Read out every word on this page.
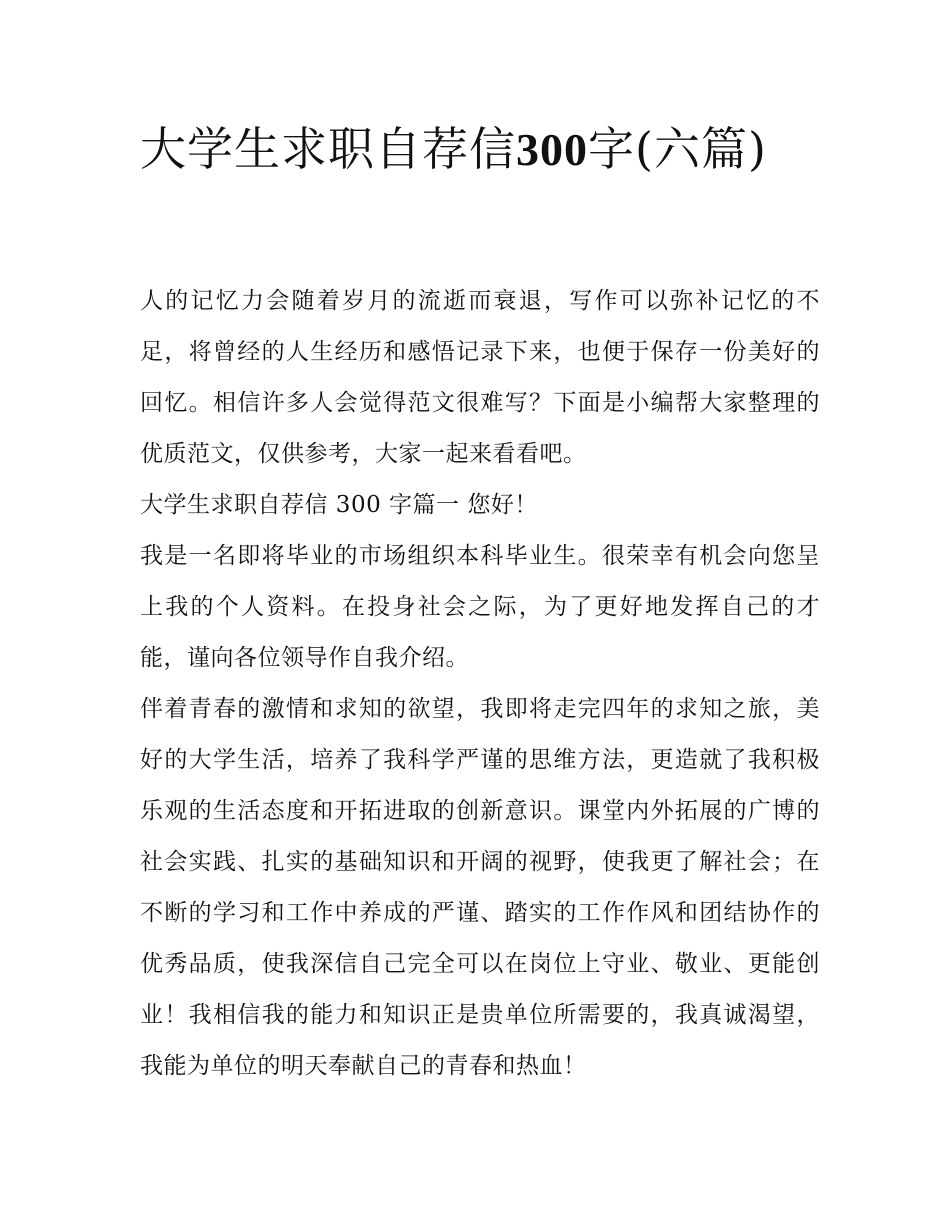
大学生求职自荐信300字(六篇)

人的记忆力会随着岁月的流逝而衰退，写作可以弥补记忆的不足，将曾经的人生经历和感悟记录下来，也便于保存一份美好的回忆。相信许多人会觉得范文很难写？下面是小编帮大家整理的优质范文，仅供参考，大家一起来看看吧。

大学生求职自荐信 300 字篇一 您好！

我是一名即将毕业的市场组织本科毕业生。很荣幸有机会向您呈上我的个人资料。在投身社会之际，为了更好地发挥自己的才能，谨向各位领导作自我介绍。

伴着青春的激情和求知的欲望，我即将走完四年的求知之旅，美好的大学生活，培养了我科学严谨的思维方法，更造就了我积极乐观的生活态度和开拓进取的创新意识。课堂内外拓展的广博的社会实践、扎实的基础知识和开阔的视野，使我更了解社会；在不断的学习和工作中养成的严谨、踏实的工作作风和团结协作的优秀品质，使我深信自己完全可以在岗位上守业、敬业、更能创业！我相信我的能力和知识正是贵单位所需要的，我真诚渴望，我能为单位的明天奉献自己的青春和热血！
